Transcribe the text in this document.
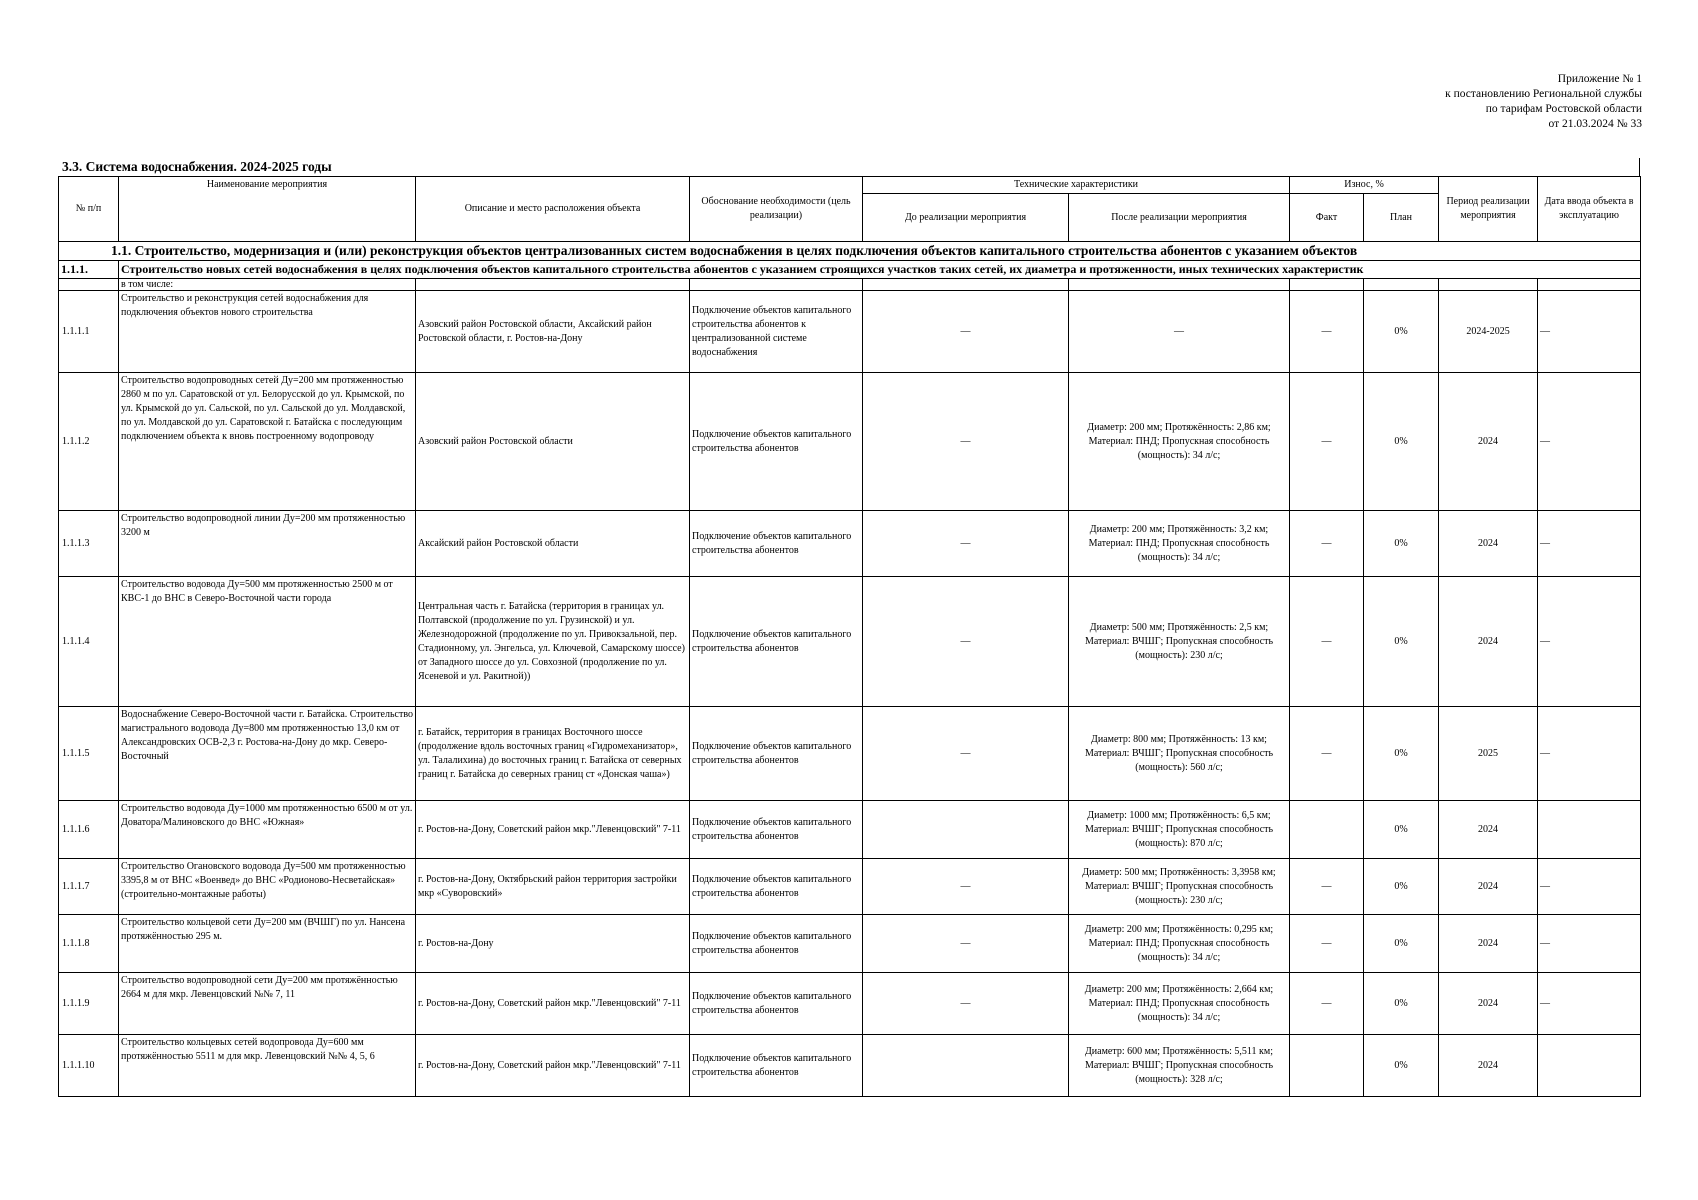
Приложение № 1
к постановлению Региональной службы
по тарифам Ростовской области
от 21.03.2024 № 33
3.3. Система водоснабжения. 2024-2025 годы
№ п/п	Наименование мероприятия	Описание и место расположения объекта	Обоснование необходимости (цель реализации)	Технические характеристики		Износ, %		Период реализации мероприятия	Дата ввода объекта в эксплуатацию
				До реализации мероприятия	После реализации мероприятия	Факт	План		
1.1. Строительство, модернизация и (или) реконструкция объектов централизованных систем водоснабжения в целях подключения объектов капитального строительства абонентов с указанием объектов									
1.1.1.	Строительство новых сетей водоснабжения в целях подключения объектов капитального строительства абонентов с указанием строящихся участков таких сетей, их диаметра и протяженности, иных технических характеристик								
	в том числе:								
1.1.1.1	Строительство и реконструкция сетей водоснабжения для подключения объектов нового строительства	Азовский район Ростовской области, Аксайский район Ростовской области, г. Ростов-на-Дону	Подключение объектов капитального строительства абонентов к централизованной системе водоснабжения	—	—	—	0%	2024-2025	—
1.1.1.2	Строительство водопроводных сетей Ду=200 мм протяженностью 2860 м по ул. Саратовской от ул. Белорусской до ул. Крымской, по ул. Крымской до ул. Сальской, по ул. Сальской до ул. Молдавской, по ул. Молдавской до ул. Саратовской г. Батайска с последующим подключением объекта к вновь построенному водопроводу	Азовский район Ростовской области	Подключение объектов капитального строительства абонентов	—	Диаметр: 200 мм; Протяжённость: 2,86 км; Материал: ПНД; Пропускная способность (мощность): 34 л/с;	—	0%	2024	—
1.1.1.3	Строительство водопроводной линии Ду=200 мм протяженностью 3200 м	Аксайский район Ростовской области	Подключение объектов капитального строительства абонентов	—	Диаметр: 200 мм; Протяжённость: 3,2 км; Материал: ПНД; Пропускная способность (мощность): 34 л/с;	—	0%	2024	—
1.1.1.4	Строительство водовода Ду=500 мм протяженностью 2500 м от КВС-1 до ВНС в Северо-Восточной части города	Центральная часть г. Батайска (территория в границах ул. Полтавской (продолжение по ул. Грузинской) и ул. Железнодорожной (продолжение по ул. Привокзальной, пер. Стадионному, ул. Энгельса, ул. Ключевой, Самарскому шоссе) от Западного шоссе до ул. Совхозной (продолжение по ул. Ясеневой и ул. Ракитной))	Подключение объектов капитального строительства абонентов	—	Диаметр: 500 мм; Протяжённость: 2,5 км; Материал: ВЧШГ; Пропускная способность (мощность): 230 л/с;	—	0%	2024	—
1.1.1.5	Водоснабжение Северо-Восточной части г. Батайска. Строительство магистрального водовода Ду=800 мм протяженностью 13,0 км от Александровских ОСВ-2,3 г. Ростова-на-Дону до мкр. Северо-Восточный	г. Батайск, территория в границах Восточного шоссе (продолжение вдоль восточных границ «Гидромеханизатор», ул. Талалихина) до восточных границ г. Батайска от северных границ г. Батайска до северных границ ст «Донская чаша»)	Подключение объектов капитального строительства абонентов	—	Диаметр: 800 мм; Протяжённость: 13 км; Материал: ВЧШГ; Пропускная способность (мощность): 560 л/с;	—	0%	2025	—
1.1.1.6	Строительство водовода Ду=1000 мм протяженностью 6500 м от ул. Доватора/Малиновского до ВНС «Южная»	г. Ростов-на-Дону, Советский район мкр."Левенцовский" 7-11	Подключение объектов капитального строительства абонентов		Диаметр: 1000 мм; Протяжённость: 6,5 км; Материал: ВЧШГ; Пропускная способность (мощность): 870 л/с;		0%	2024	
1.1.1.7	Строительство Огановского водовода Ду=500 мм протяженностью 3395,8 м от ВНС «Военвед» до ВНС «Родионово-Несветайская» (строительно-монтажные работы)	г. Ростов-на-Дону, Октябрьский район территория застройки мкр «Суворовский»	Подключение объектов капитального строительства абонентов	—	Диаметр: 500 мм; Протяжённость: 3,3958 км; Материал: ВЧШГ; Пропускная способность (мощность): 230 л/с;	—	0%	2024	—
1.1.1.8	Строительство кольцевой сети Ду=200 мм (ВЧШГ) по ул. Нансена протяжённостью 295 м.	г. Ростов-на-Дону	Подключение объектов капитального строительства абонентов	—	Диаметр: 200 мм; Протяжённость: 0,295 км; Материал: ПНД; Пропускная способность (мощность): 34 л/с;	—	0%	2024	—
1.1.1.9	Строительство водопроводной сети Ду=200 мм протяжённостью 2664 м для мкр. Левенцовский №№ 7, 11	г. Ростов-на-Дону, Советский район мкр."Левенцовский" 7-11	Подключение объектов капитального строительства абонентов	—	Диаметр: 200 мм; Протяжённость: 2,664 км; Материал: ПНД; Пропускная способность (мощность): 34 л/с;	—	0%	2024	—
1.1.1.10	Строительство кольцевых сетей водопровода Ду=600 мм протяжённостью 5511 м для мкр. Левенцовский №№ 4, 5, 6	г. Ростов-на-Дону, Советский район мкр."Левенцовский" 7-11	Подключение объектов капитального строительства абонентов		Диаметр: 600 мм; Протяжённость: 5,511 км; Материал: ВЧШГ; Пропускная способность (мощность): 328 л/с;		0%	2024	
